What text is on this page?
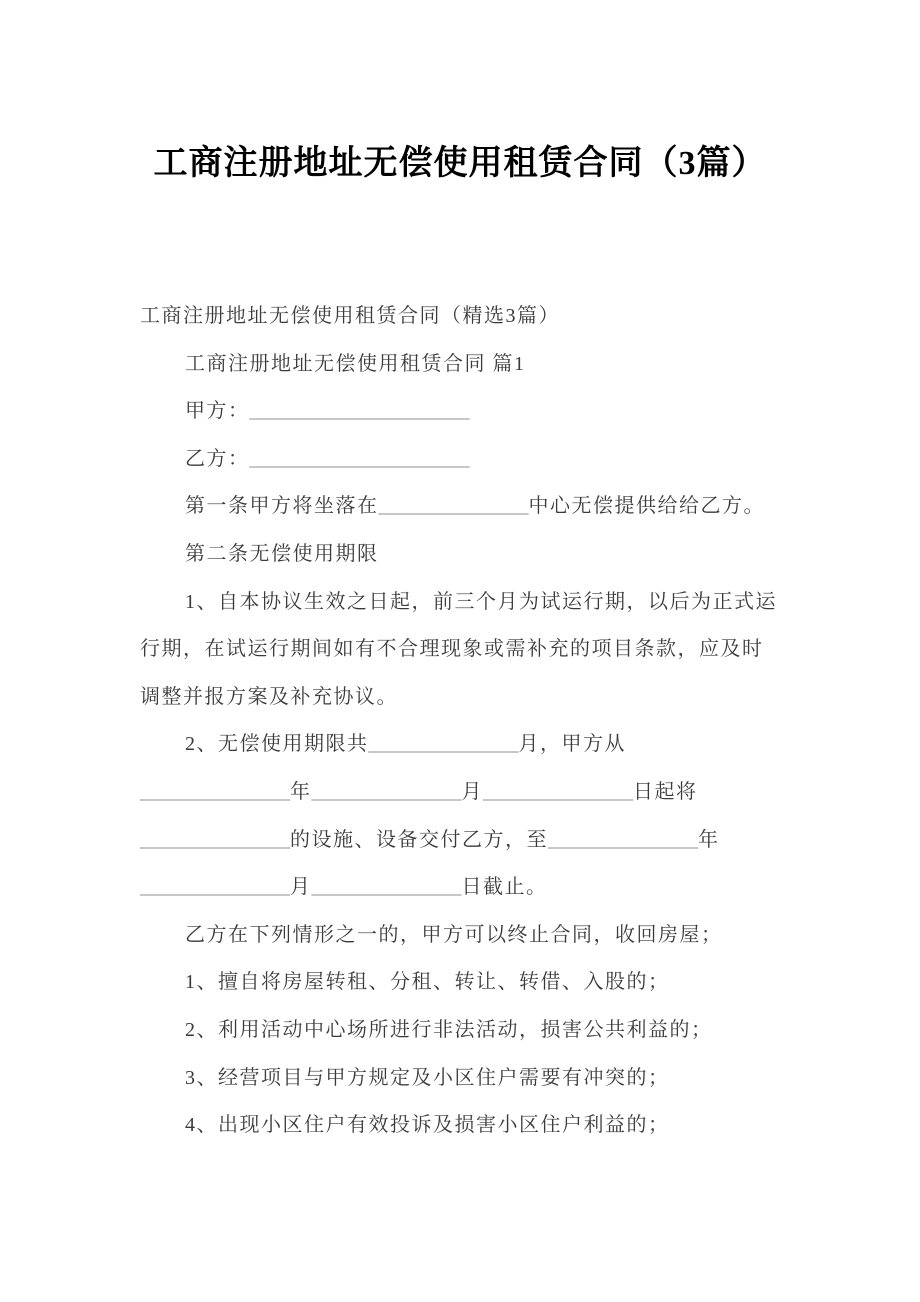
工商注册地址无偿使用租赁合同（3篇）

工商注册地址无偿使用租赁合同（精选3篇）

工商注册地址无偿使用租赁合同 篇1

甲方：______________________

乙方：______________________

第一条甲方将坐落在_______________中心无偿提供给给乙方。

第二条无偿使用期限

1、自本协议生效之日起，前三个月为试运行期，以后为正式运

行期，在试运行期间如有不合理现象或需补充的项目条款，应及时

调整并报方案及补充协议。

2、无偿使用期限共_______________月，甲方从

_______________年_______________月_______________日起将

_______________的设施、设备交付乙方，至_______________年

_______________月_______________日截止。

乙方在下列情形之一的，甲方可以终止合同，收回房屋；

1、擅自将房屋转租、分租、转让、转借、入股的；

2、利用活动中心场所进行非法活动，损害公共利益的；

3、经营项目与甲方规定及小区住户需要有冲突的；

4、出现小区住户有效投诉及损害小区住户利益的；
